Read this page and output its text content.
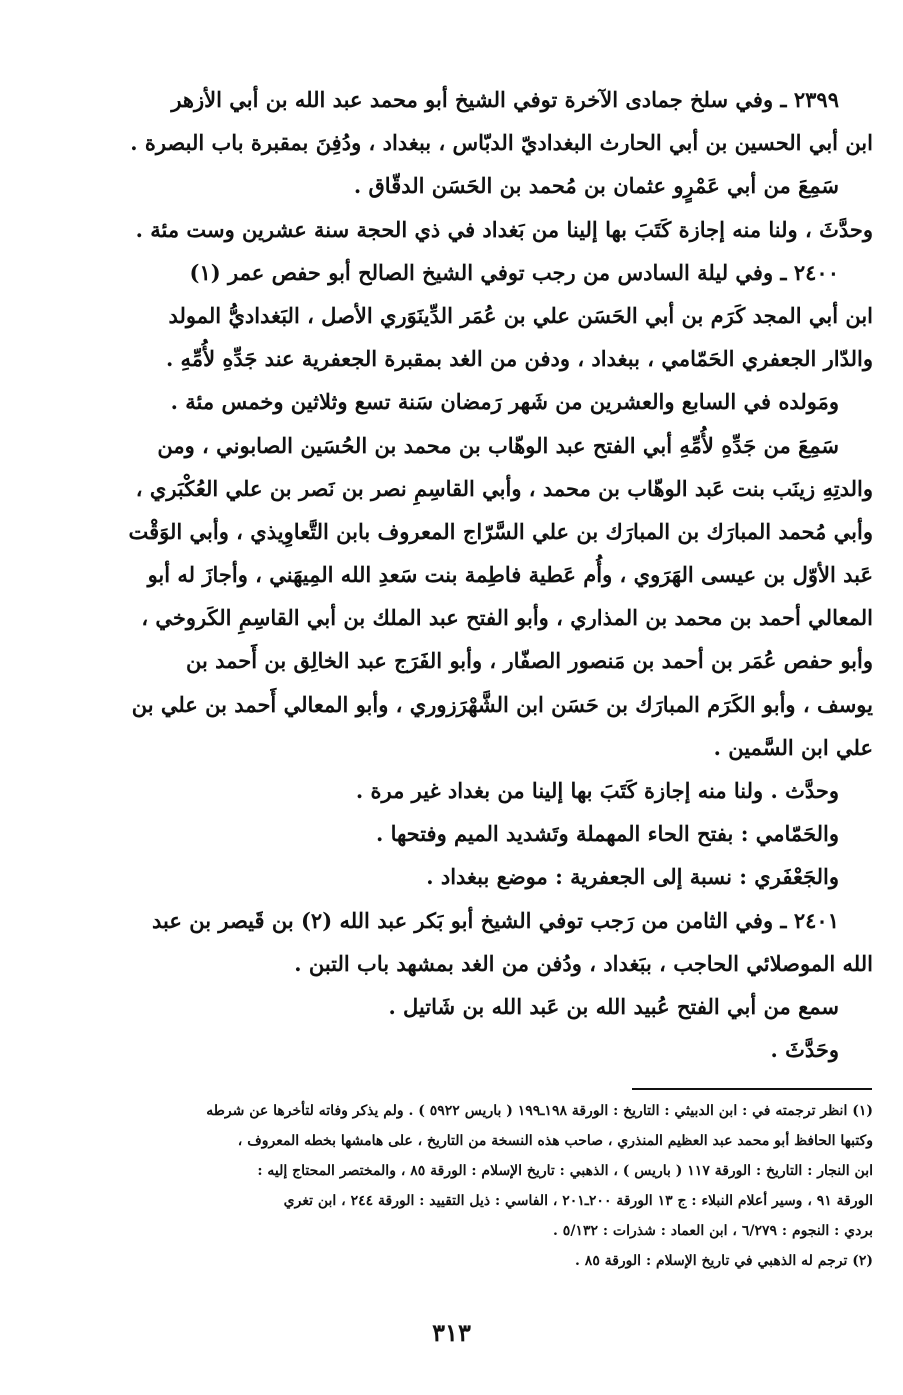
٢٣٩٩ ـ وفي سلخ جمادى الآخرة توفي الشيخ أبو محمد عبد الله بن أبي الأزهر
ابن أبي الحسين بن أبي الحارث البغداديّ الدبّاس ، ببغداد ، ودُفِنَ بمقبرة باب البصرة .
سَمِعَ من أبي عَمْرٍو عثمان بن مُحمد بن الحَسَن الدقّاق .
وحدَّثَ ، ولنا منه إجازة كَتَبَ بها إلينا من بَغداد في ذي الحجة سنة عشرين وست مئة .
٢٤٠٠ ـ وفي ليلة السادس من رجب توفي الشيخ الصالح أبو حفص عمر (١)
ابن أبي المجد كَرَم بن أبي الحَسَن علي بن عُمَر الدِّينَوَري الأصل ، البَغداديُّ المولد
والدّار الجعفري الحَمّامي ، ببغداد ، ودفن من الغد بمقبرة الجعفرية عند جَدِّهِ لأُمِّهِ .
ومَولده في السابع والعشرين من شَهر رَمضان سَنة تسع وثلاثين وخمس مئة .
سَمِعَ من جَدِّهِ لأُمِّهِ أبي الفتح عبد الوهّاب بن محمد بن الحُسَين الصابوني ، ومن
والدتِهِ زينَب بنت عَبد الوهّاب بن محمد ، وأبي القاسِمِ نصر بن نَصر بن علي العُكْبَري ،
وأبي مُحمد المبارَك بن المبارَك بن علي السَّرّاج المعروف بابن التَّعاوِيذي ، وأبي الوَقْت
عَبد الأوّل بن عيسى الهَرَوي ، وأُم عَطية فاطِمة بنت سَعدِ الله المِيهَني ، وأجازَ له أبو
المعالي أحمد بن محمد بن المذاري ، وأبو الفتح عبد الملك بن أبي القاسِمِ الكَروخي ،
وأبو حفص عُمَر بن أحمد بن مَنصور الصفّار ، وأبو الفَرَج عبد الخالِق بن أَحمد بن
يوسف ، وأبو الكَرَم المبارَك بن حَسَن ابن الشَّهْرَزوري ، وأبو المعالي أَحمد بن علي بن
علي ابن السَّمين .
وحدَّث . ولنا منه إجازة كَتَبَ بها إلينا من بغداد غير مرة .
والحَمّامي : بفتح الحاء المهملة وتَشديد الميم وفتحها .
والجَعْفَري : نسبة إلى الجعفرية : موضع ببغداد .
٢٤٠١ ـ وفي الثامن من رَجب توفي الشيخ أبو بَكر عبد الله (٢) بن قَيصر بن عبد
الله الموصلائي الحاجب ، ببَغداد ، ودُفن من الغد بمشهد باب التبن .
سمع من أبي الفتح عُبيد الله بن عَبد الله بن شَاتيل .
وحَدَّثَ .
(١) انظر ترجمته في : ابن الدبيثي : التاريخ : الورقة ١٩٨ـ١٩٩ ( باريس ٥٩٢٢ ) . ولم يذكر وفاته لتأخرها عن شرطه
وكتبها الحافظ أبو محمد عبد العظيم المنذري ، صاحب هذه النسخة من التاريخ ، على هامشها بخطه المعروف ،
ابن النجار : التاريخ : الورقة ١١٧ ( باريس ) ، الذهبي : تاريخ الإسلام : الورقة ٨٥ ، والمختصر المحتاج إليه :
الورقة ٩١ ، وسير أعلام النبلاء : ج ١٣ الورقة ٢٠٠ـ٢٠١ ، الفاسي : ذيل التقييد : الورقة ٢٤٤ ، ابن تغري
بردي : النجوم : ٦/٢٧٩ ، ابن العماد : شذرات : ٥/١٣٢ .
(٢) ترجم له الذهبي في تاريخ الإسلام : الورقة ٨٥ .
٣١٣
